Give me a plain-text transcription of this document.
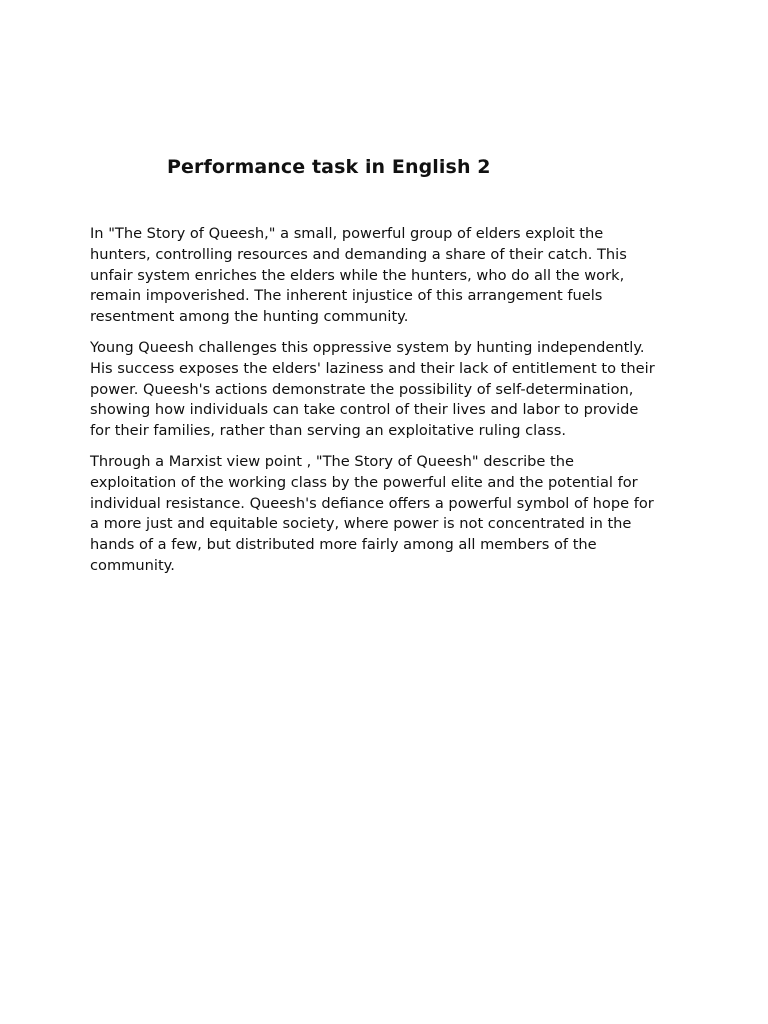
Performance task in English 2

In "The Story of Queesh," a small, powerful group of elders exploit the
hunters, controlling resources and demanding a share of their catch. This
unfair system enriches the elders while the hunters, who do all the work,
remain impoverished. The inherent injustice of this arrangement fuels
resentment among the hunting community.

Young Queesh challenges this oppressive system by hunting independently.
His success exposes the elders' laziness and their lack of entitlement to their
power. Queesh's actions demonstrate the possibility of self-determination,
showing how individuals can take control of their lives and labor to provide
for their families, rather than serving an exploitative ruling class.

Through a Marxist view point , "The Story of Queesh" describe the
exploitation of the working class by the powerful elite and the potential for
individual resistance. Queesh's defiance offers a powerful symbol of hope for
a more just and equitable society, where power is not concentrated in the
hands of a few, but distributed more fairly among all members of the
community.
